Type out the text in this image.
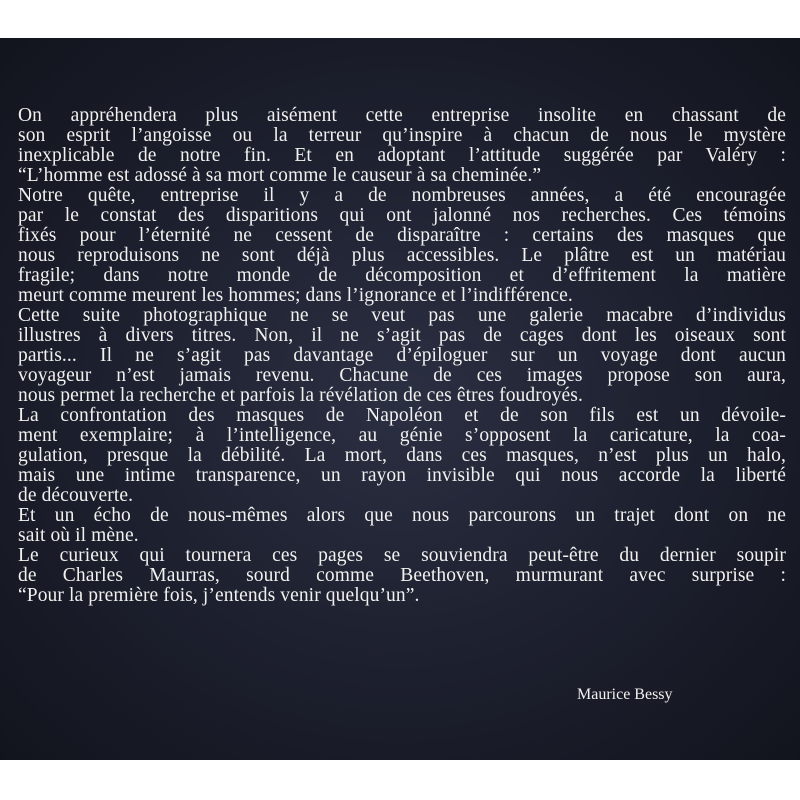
On appréhendera plus aisément cette entreprise insolite en chassant de
son esprit l’angoisse ou la terreur qu’inspire à chacun de nous le mystère
inexplicable de notre fin. Et en adoptant l’attitude suggérée par Valéry :
“L’homme est adossé à sa mort comme le causeur à sa cheminée.”
Notre quête, entreprise il y a de nombreuses années, a été encouragée
par le constat des disparitions qui ont jalonné nos recherches. Ces témoins
fixés pour l’éternité ne cessent de disparaître : certains des masques que
nous reproduisons ne sont déjà plus accessibles. Le plâtre est un matériau
fragile; dans notre monde de décomposition et d’effritement la matière
meurt comme meurent les hommes; dans l’ignorance et l’indifférence.
Cette suite photographique ne se veut pas une galerie macabre d’individus
illustres à divers titres. Non, il ne s’agit pas de cages dont les oiseaux sont
partis... Il ne s’agit pas davantage d’épiloguer sur un voyage dont aucun
voyageur n’est jamais revenu. Chacune de ces images propose son aura,
nous permet la recherche et parfois la révélation de ces êtres foudroyés.
La confrontation des masques de Napoléon et de son fils est un dévoile-
ment exemplaire; à l’intelligence, au génie s’opposent la caricature, la coa-
gulation, presque la débilité. La mort, dans ces masques, n’est plus un halo,
mais une intime transparence, un rayon invisible qui nous accorde la liberté
de découverte.
Et un écho de nous-mêmes alors que nous parcourons un trajet dont on ne
sait où il mène.
Le curieux qui tournera ces pages se souviendra peut-être du dernier soupir
de Charles Maurras, sourd comme Beethoven, murmurant avec surprise :
“Pour la première fois, j’entends venir quelqu’un”.
Maurice Bessy
